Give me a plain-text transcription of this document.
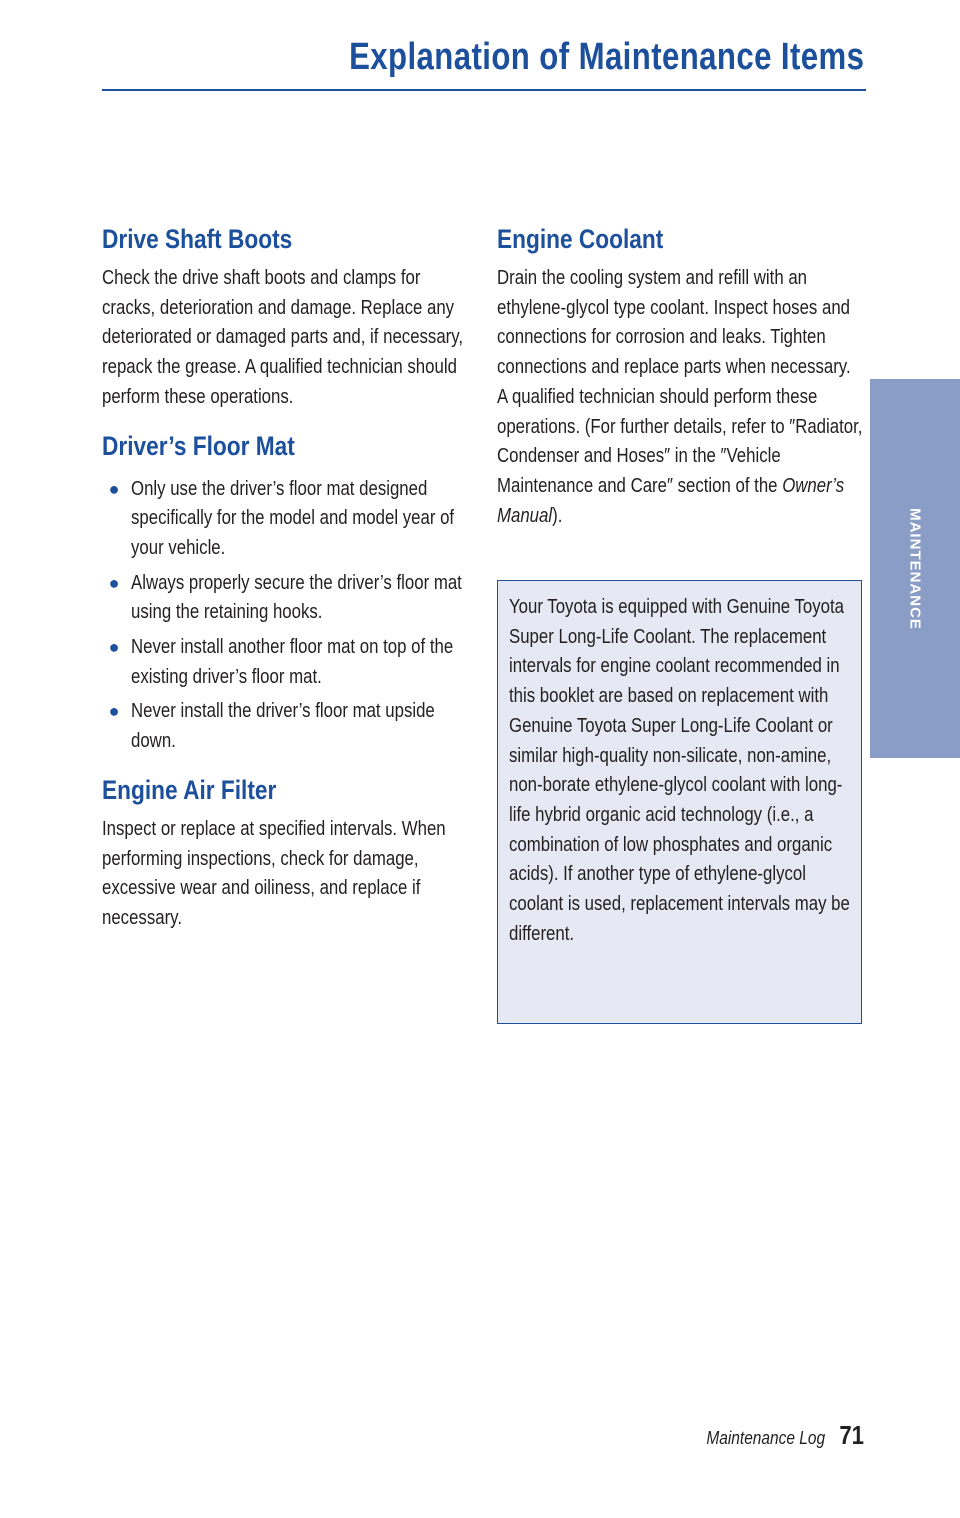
Explanation of Maintenance Items
Drive Shaft Boots

Check the drive shaft boots and clamps for cracks, deterioration and damage. Replace any deteriorated or damaged parts and, if necessary, repack the grease. A qualified technician should perform these operations.

Driver’s Floor Mat
● Only use the driver’s floor mat designed specifically for the model and model year of your vehicle.
● Always properly secure the driver’s floor mat using the retaining hooks.
● Never install another floor mat on top of the existing driver’s floor mat.
● Never install the driver’s floor mat upside down.
Engine Air Filter

Inspect or replace at specified intervals. When performing inspections, check for damage, excessive wear and oiliness, and replace if necessary.

Engine Coolant

Drain the cooling system and refill with an ethylene-glycol type coolant. Inspect hoses and connections for corrosion and leaks. Tighten connections and replace parts when necessary. A qualified technician should perform these operations. (For further details, refer to ″Radiator, Condenser and Hoses″ in the ″Vehicle Maintenance and Care″ section of the Owner’s Manual).

Your Toyota is equipped with Genuine Toyota Super Long-Life Coolant. The replacement intervals for engine coolant recommended in this booklet are based on replacement with Genuine Toyota Super Long-Life Coolant or similar high-quality non-silicate, non-amine, non-borate ethylene-glycol coolant with long-life hybrid organic acid technology (i.e., a combination of low phosphates and organic acids). If another type of ethylene-glycol coolant is used, replacement intervals may be different.

MAINTENANCE
Maintenance Log 71
